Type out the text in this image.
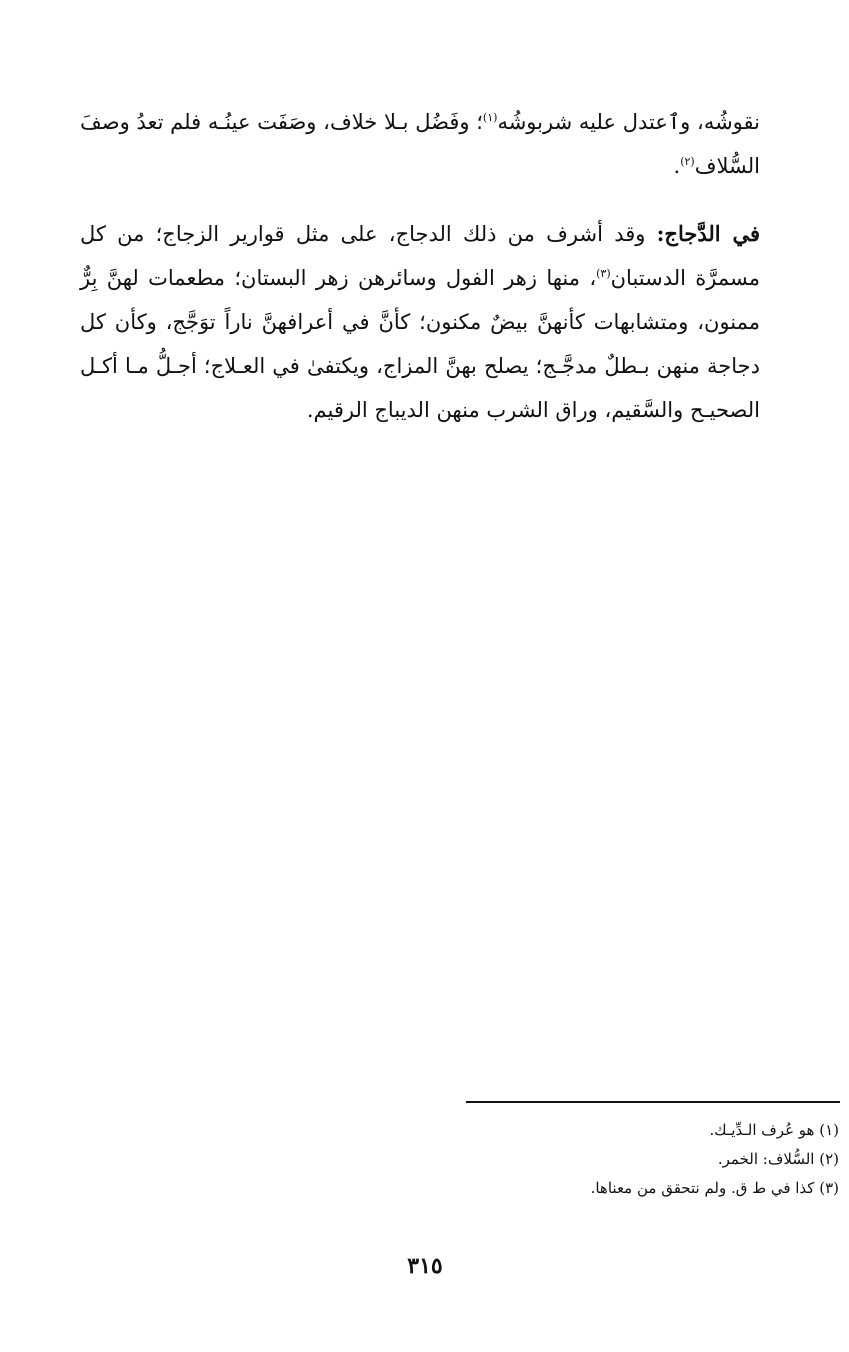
نقوشُه، وٱعتدل عليه شربوشُه$^{(١)}$؛ وفَضُل بـلا خلاف، وصَفَت عينُـه فلم تعدُ وصفَ السُّلاف$^{(٢)}$.

في الدَّجاج: وقد أشرف من ذلك الدجاج، على مثل قوارير الزجاج؛ من كل مسمرَّة الدستبان$^{(٣)}$، منها زهر الفول وسائرهن زهر البستان؛ مطعمات لهنَّ بِرٌّ ممنون، ومتشابهات كأنهنَّ بيضٌ مكنون؛ كأنَّ في أعرافهنَّ ناراً توَجَّج، وكأن كل دجاجة منهن بـطلٌ مدجَّـج؛ يصلح بهنَّ المزاج، ويكتفىٰ في العـلاج؛ أجـلُّ مـا أكـل الصحيـح والسَّقيم، وراق الشرب منهن الديباج الرقيم.

(١) هو عُرف الـدِّيـك.
(٢) السُّلاف: الخمر.
(٣) كذا في ط ق. ولم نتحقق من معناها.
٣١٥
